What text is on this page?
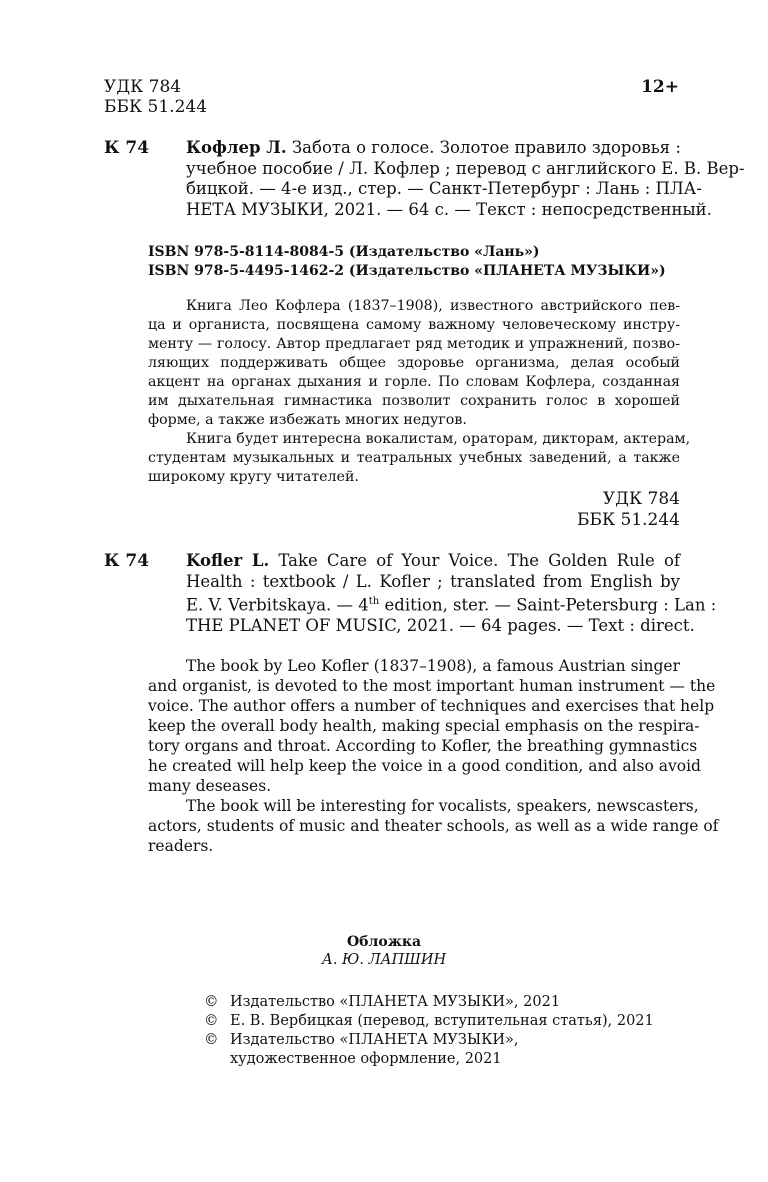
УДК 784
ББК 51.244
12+
К 74 Кофлер Л. Забота о голосе. Золотое правило здоровья :
учебное пособие / Л. Кофлер ; перевод с английского Е. В. Вер-
бицкой. — 4-е изд., стер. — Санкт-Петербург : Лань : ПЛА-
НЕТА МУЗЫКИ, 2021. — 64 с. — Текст : непосредственный.
ISBN 978-5-8114-8084-5 (Издательство «Лань»)
ISBN 978-5-4495-1462-2 (Издательство «ПЛАНЕТА МУЗЫКИ»)
Книга Лео Кофлера (1837–1908), известного австрийского пев-
ца и органиста, посвящена самому важному человеческому инстру-
менту — голосу. Автор предлагает ряд методик и упражнений, позво-
ляющих поддерживать общее здоровье организма, делая особый
акцент на органах дыхания и горле. По словам Кофлера, созданная
им дыхательная гимнастика позволит сохранить голос в хорошей
форме, а также избежать многих недугов.
Книга будет интересна вокалистам, ораторам, дикторам, актерам,
студентам музыкальных и театральных учебных заведений, а также
широкому кругу читателей.
УДК 784
ББК 51.244
К 74 Kofler L. Take Care of Your Voice. The Golden Rule of
Health : textbook / L. Kofler ; translated from English by
E. V. Verbitskaya. — 4th edition, ster. — Saint-Petersburg : Lan :
THE PLANET OF MUSIC, 2021. — 64 pages. — Text : direct.
The book by Leo Kofler (1837–1908), a famous Austrian singer
and organist, is devoted to the most important human instrument — the
voice. The author offers a number of techniques and exercises that help
keep the overall body health, making special emphasis on the respira-
tory organs and throat. According to Kofler, the breathing gymnastics
he created will help keep the voice in a good condition, and also avoid
many deseases.
The book will be interesting for vocalists, speakers, newscasters,
actors, students of music and theater schools, as well as a wide range of
readers.
Обложка
А. Ю. ЛАПШИН
© Издательство «ПЛАНЕТА МУЗЫКИ», 2021
© Е. В. Вербицкая (перевод, вступительная статья), 2021
© Издательство «ПЛАНЕТА МУЗЫКИ»,
художественное оформление, 2021
